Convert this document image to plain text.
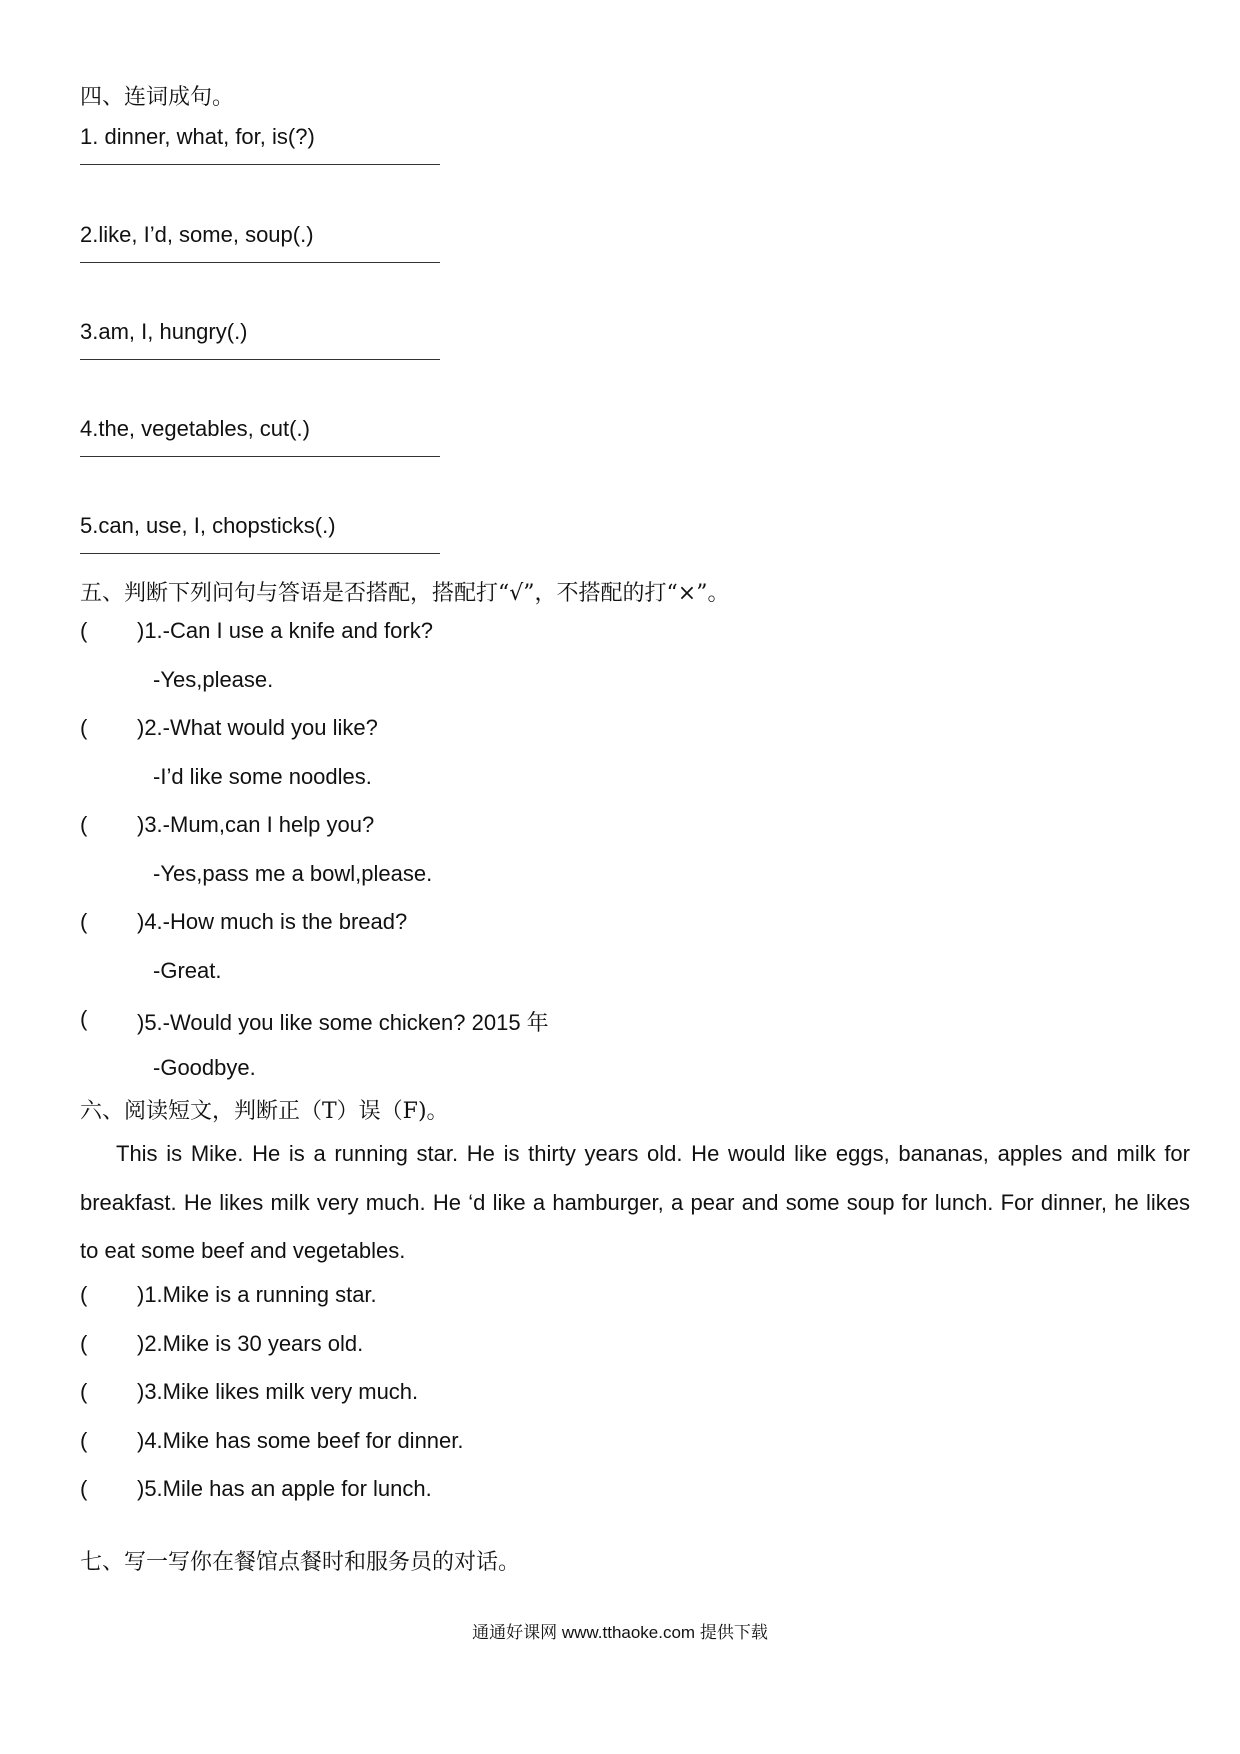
四、连词成句。
1. dinner, what, for, is(?)
2.like, I’d, some, soup(.)
3.am, I, hungry(.)
4.the, vegetables, cut(.)
5.can, use, I, chopsticks(.)
五、判断下列问句与答语是否搭配，搭配打“√”，不搭配的打“×”。
( )1.-Can I use a knife and fork?
-Yes,please.
( )2.-What would you like?
-I’d like some noodles.
( )3.-Mum,can I help you?
-Yes,pass me a bowl,please.
( )4.-How much is the bread?
-Great.
( )5.-Would you like some chicken? 2015 年
-Goodbye.
六、阅读短文，判断正（T）误（F)。
This is Mike. He is a running star. He is thirty years old. He would like eggs, bananas, apples and milk for breakfast. He likes milk very much. He ‘d like a hamburger, a pear and some soup for lunch. For dinner, he likes to eat some beef and vegetables.
( )1.Mike is a running star.
( )2.Mike is 30 years old.
( )3.Mike likes milk very much.
( )4.Mike has some beef for dinner.
( )5.Mile has an apple for lunch.
七、写一写你在餐馆点餐时和服务员的对话。
通通好课网 www.tthaoke.com 提供下载
